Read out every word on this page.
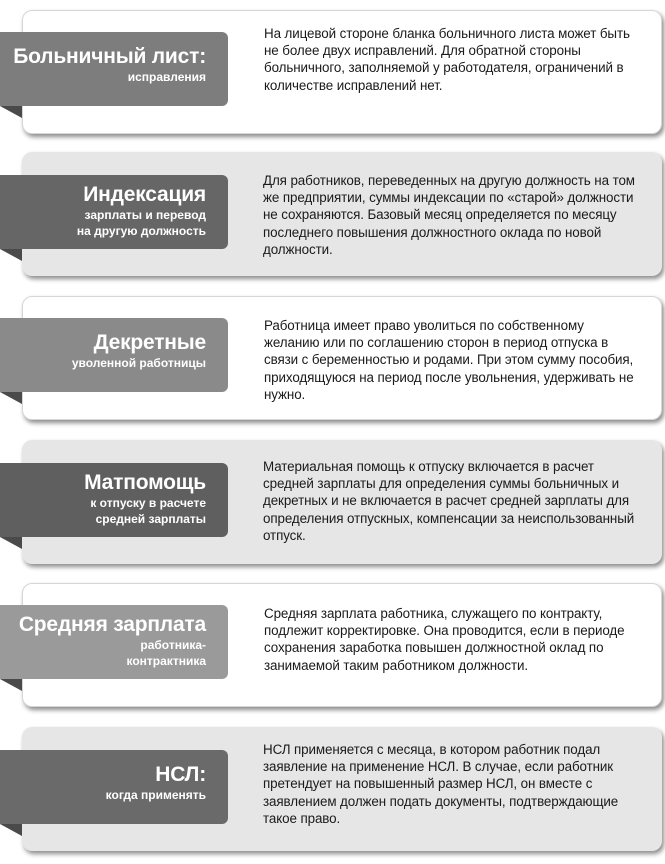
На лицевой стороне бланка больничного листа может быть не более двух исправлений. Для обратной стороны больничного, заполняемой у работодателя, ограничений в количестве исправлений нет.
Больничный лист:
исправления
Для работников, переведенных на другую должность на том же предприятии, суммы индексации по «старой» должности не сохраняются. Базовый месяц определяется по месяцу последнего повышения должностного оклада по новой должности.
Индексация
зарплаты и перевод
на другую должность
Работница имеет право уволиться по собственному желанию или по соглашению сторон в период отпуска в связи с беременностью и родами. При этом сумму пособия, приходящуюся на период после увольнения, удерживать не нужно.
Декретные
уволенной работницы
Материальная помощь к отпуску включается в расчет средней зарплаты для определения суммы больничных и декретных и не включается в расчет средней зарплаты для определения отпускных, компенсации за неиспользованный отпуск.
Матпомощь
к отпуску в расчете
средней зарплаты
Средняя зарплата работника, служащего по контракту, подлежит корректировке. Она проводится, если в периоде сохранения заработка повышен должностной оклад по занимаемой таким работником должности.
Средняя зарплата
работника-
контрактника
НСЛ применяется с месяца, в котором работник подал заявление на применение НСЛ. В случае, если работник претендует на повышенный размер НСЛ, он вместе с заявлением должен подать документы, подтверждающие такое право.
НСЛ:
когда применять
